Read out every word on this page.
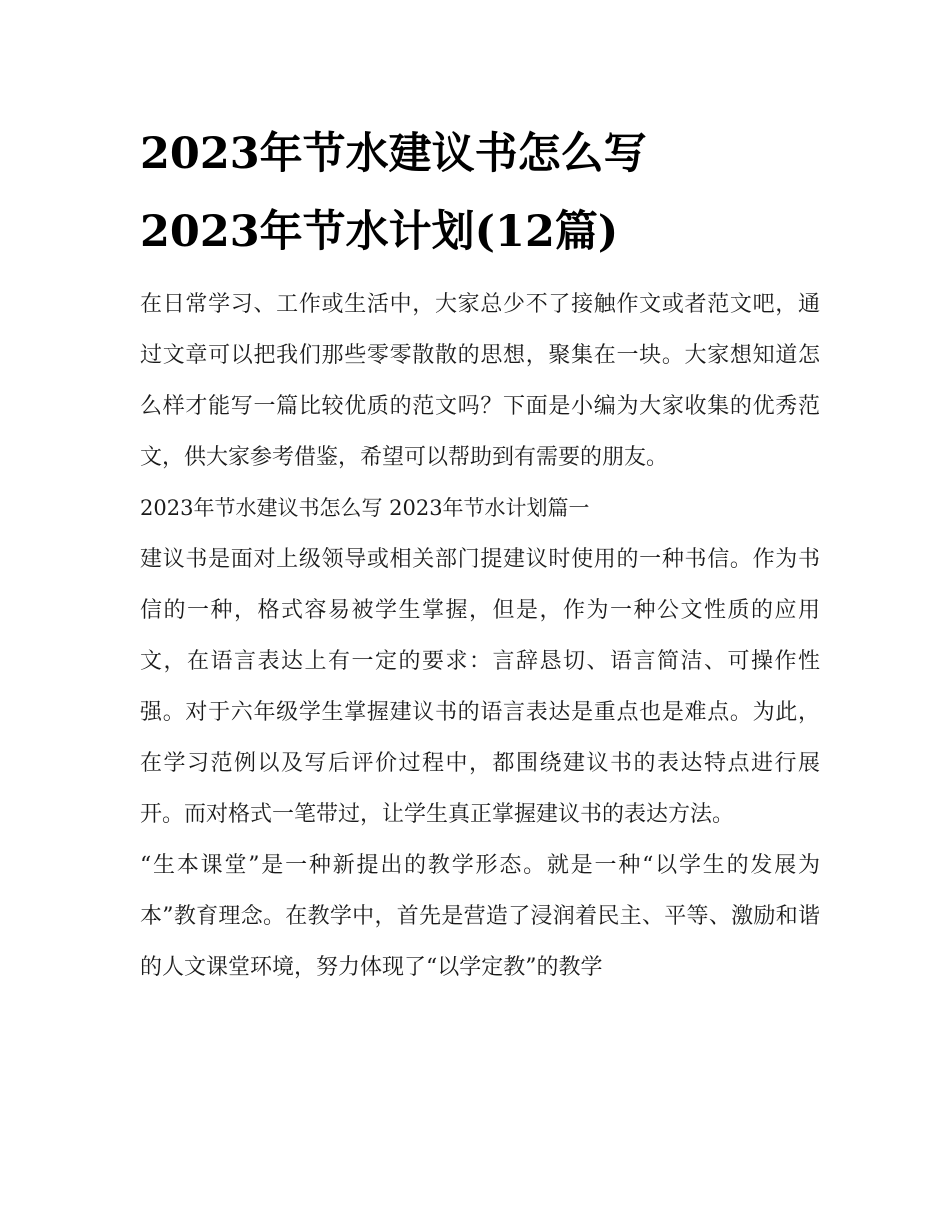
2023年节水建议书怎么写
2023年节水计划(12篇)

在日常学习、工作或生活中，大家总少不了接触作文或者范文吧，通过文章可以把我们那些零零散散的思想，聚集在一块。大家想知道怎么样才能写一篇比较优质的范文吗？下面是小编为大家收集的优秀范文，供大家参考借鉴，希望可以帮助到有需要的朋友。

2023年节水建议书怎么写 2023年节水计划篇一

建议书是面对上级领导或相关部门提建议时使用的一种书信。作为书信的一种，格式容易被学生掌握，但是，作为一种公文性质的应用文，在语言表达上有一定的要求：言辞恳切、语言简洁、可操作性强。对于六年级学生掌握建议书的语言表达是重点也是难点。为此，在学习范例以及写后评价过程中，都围绕建议书的表达特点进行展开。而对格式一笔带过，让学生真正掌握建议书的表达方法。

“生本课堂”是一种新提出的教学形态。就是一种“以学生的发展为本”教育理念。在教学中，首先是营造了浸润着民主、平等、激励和谐的人文课堂环境，努力体现了“以学定教”的教学
